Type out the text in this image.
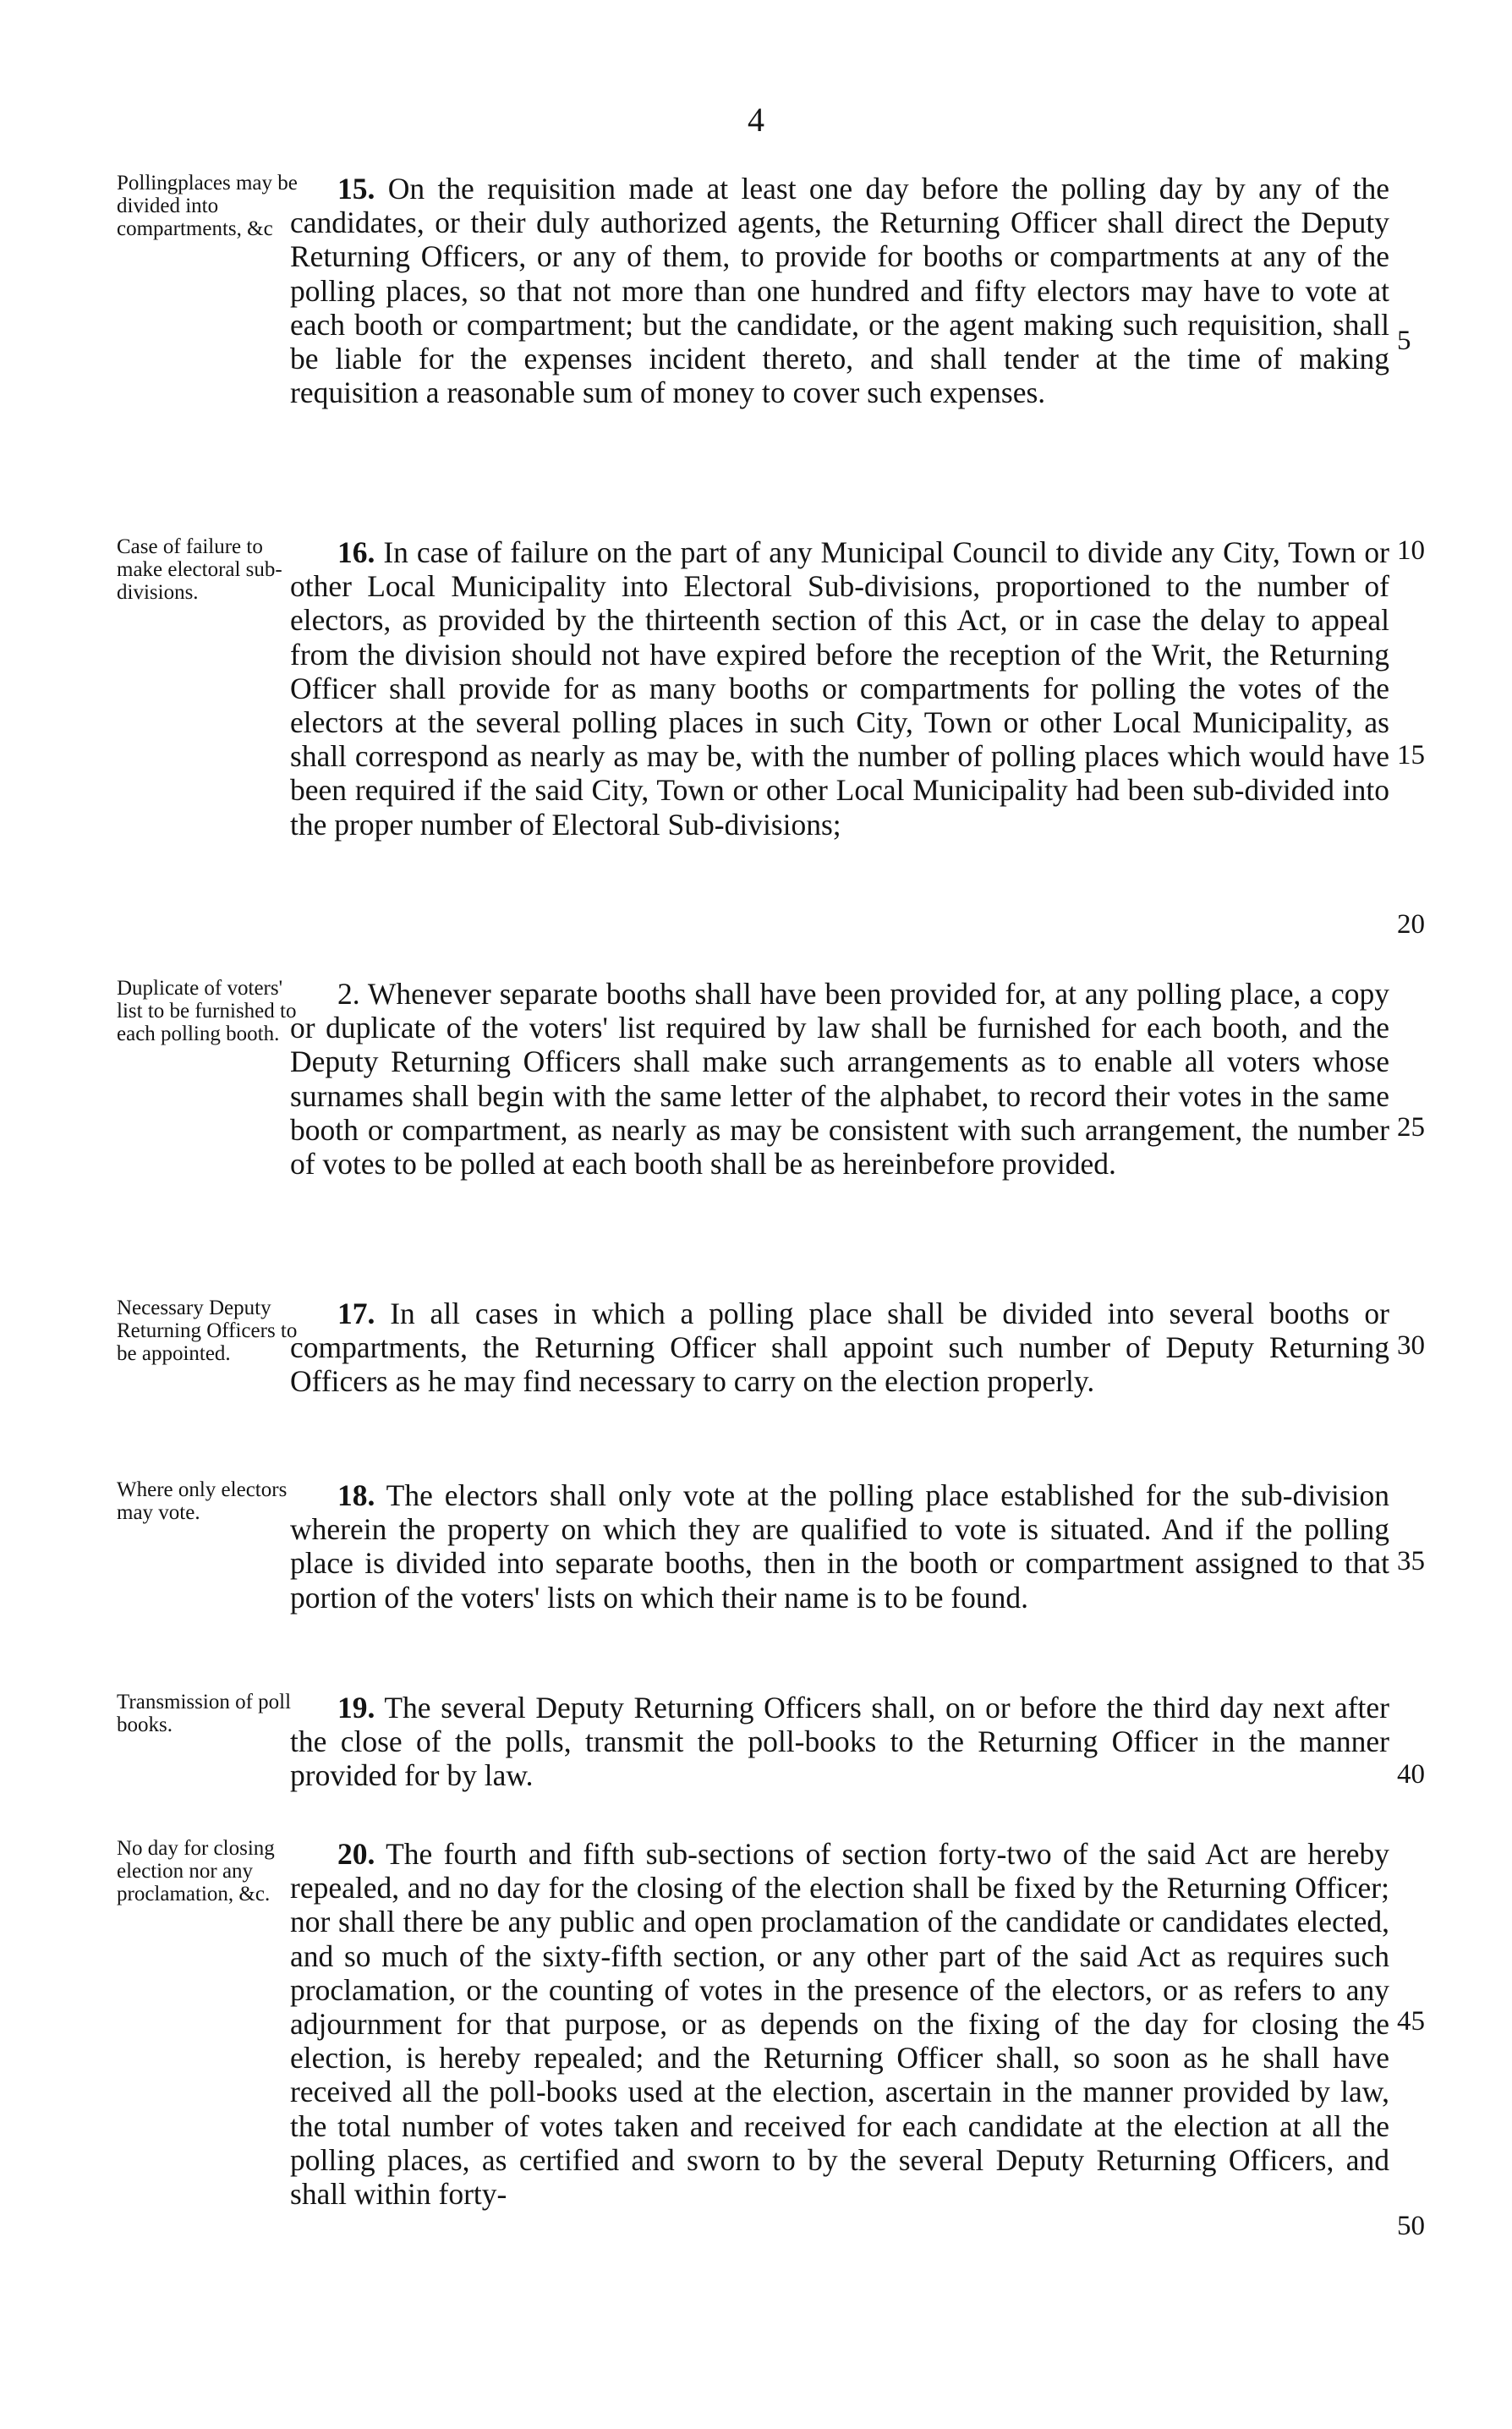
4
Pollingplaces may be divided into compartments, &c
15. On the requisition made at least one day before the polling day by any of the candidates, or their duly authorized agents, the Returning Officer shall direct the Deputy Returning Officers, or any of them, to provide for booths or compartments at any of the polling places, so that not more than one hundred and fifty electors may have to vote at each booth or compartment; but the candidate, or the agent making such requisition, shall be liable for the expenses incident thereto, and shall tender at the time of making requisition a reasonable sum of money to cover such expenses.
Case of failure to make electoral sub-divisions.
16. In case of failure on the part of any Municipal Council to divide any City, Town or other Local Municipality into Electoral Sub-divisions, proportioned to the number of electors, as provided by the thirteenth section of this Act, or in case the delay to appeal from the division should not have expired before the reception of the Writ, the Returning Officer shall provide for as many booths or compartments for polling the votes of the electors at the several polling places in such City, Town or other Local Municipality, as shall correspond as nearly as may be, with the number of polling places which would have been required if the said City, Town or other Local Municipality had been sub-divided into the proper number of Electoral Sub-divisions;
Duplicate of voters' list to be furnished to each polling booth.
2. Whenever separate booths shall have been provided for, at any polling place, a copy or duplicate of the voters' list required by law shall be furnished for each booth, and the Deputy Returning Officers shall make such arrangements as to enable all voters whose surnames shall begin with the same letter of the alphabet, to record their votes in the same booth or compartment, as nearly as may be consistent with such arrangement, the number of votes to be polled at each booth shall be as hereinbefore provided.
Necessary Deputy Returning Officers to be appointed.
17. In all cases in which a polling place shall be divided into several booths or compartments, the Returning Officer shall appoint such number of Deputy Returning Officers as he may find necessary to carry on the election properly.
Where only electors may vote.
18. The electors shall only vote at the polling place established for the sub-division wherein the property on which they are qualified to vote is situated. And if the polling place is divided into separate booths, then in the booth or compartment assigned to that portion of the voters' lists on which their name is to be found.
Transmission of poll books.
19. The several Deputy Returning Officers shall, on or before the third day next after the close of the polls, transmit the poll-books to the Returning Officer in the manner provided for by law.
No day for closing election nor any proclamation, &c.
20. The fourth and fifth sub-sections of section forty-two of the said Act are hereby repealed, and no day for the closing of the election shall be fixed by the Returning Officer; nor shall there be any public and open proclamation of the candidate or candidates elected, and so much of the sixty-fifth section, or any other part of the said Act as requires such proclamation, or the counting of votes in the presence of the electors, or as refers to any adjournment for that purpose, or as depends on the fixing of the day for closing the election, is hereby repealed; and the Returning Officer shall, so soon as he shall have received all the poll-books used at the election, ascertain in the manner provided by law, the total number of votes taken and received for each candidate at the election at all the polling places, as certified and sworn to by the several Deputy Returning Officers, and shall within forty-
5
10
15
20
25
30
35
40
45
50
